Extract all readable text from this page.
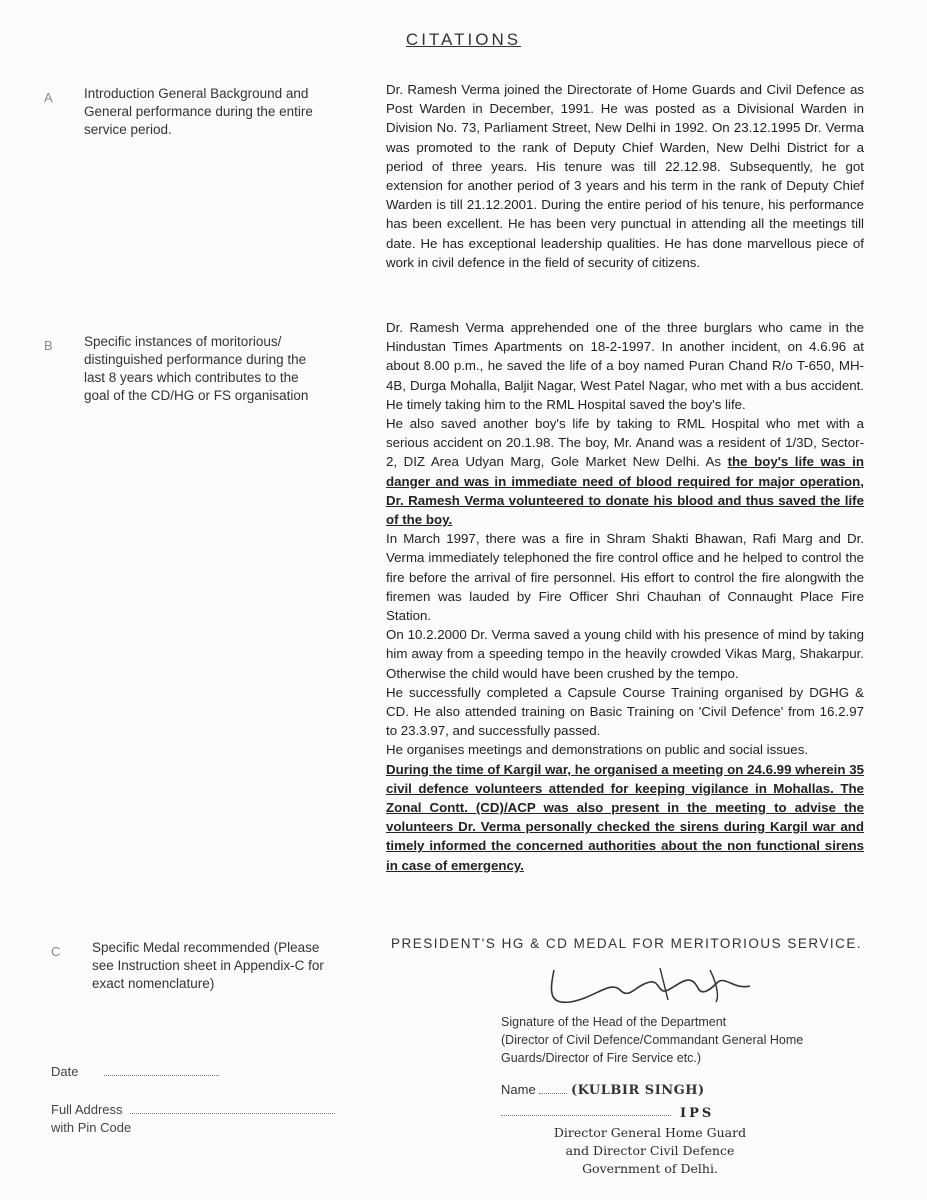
CITATIONS
A Introduction General Background and General performance during the entire service period.

Dr. Ramesh Verma joined the Directorate of Home Guards and Civil Defence as Post Warden in December, 1991. He was posted as a Divisional Warden in Division No. 73, Parliament Street, New Delhi in 1992. On 23.12.1995 Dr. Verma was promoted to the rank of Deputy Chief Warden, New Delhi District for a period of three years. His tenure was till 22.12.98. Subsequently, he got extension for another period of 3 years and his term in the rank of Deputy Chief Warden is till 21.12.2001. During the entire period of his tenure, his performance has been excellent. He has been very punctual in attending all the meetings till date. He has exceptional leadership qualities. He has done marvellous piece of work in civil defence in the field of security of citizens.

B Specific instances of moritorious/ distinguished performance during the last 8 years which contributes to the goal of the CD/HG or FS organisation

Dr. Ramesh Verma apprehended one of the three burglars who came in the Hindustan Times Apartments on 18-2-1997. In another incident, on 4.6.96 at about 8.00 p.m., he saved the life of a boy named Puran Chand R/o T-650, MH-4B, Durga Mohalla, Baljit Nagar, West Patel Nagar, who met with a bus accident. He timely taking him to the RML Hospital saved the boy's life.

He also saved another boy's life by taking to RML Hospital who met with a serious accident on 20.1.98. The boy, Mr. Anand was a resident of 1/3D, Sector-2, DIZ Area Udyan Marg, Gole Market New Delhi. As the boy's life was in danger and was in immediate need of blood required for major operation, Dr. Ramesh Verma volunteered to donate his blood and thus saved the life of the boy.

In March 1997, there was a fire in Shram Shakti Bhawan, Rafi Marg and Dr. Verma immediately telephoned the fire control office and he helped to control the fire before the arrival of fire personnel. His effort to control the fire alongwith the firemen was lauded by Fire Officer Shri Chauhan of Connaught Place Fire Station.

On 10.2.2000 Dr. Verma saved a young child with his presence of mind by taking him away from a speeding tempo in the heavily crowded Vikas Marg, Shakarpur. Otherwise the child would have been crushed by the tempo.

He successfully completed a Capsule Course Training organised by DGHG & CD. He also attended training on Basic Training on 'Civil Defence' from 16.2.97 to 23.3.97, and successfully passed.

He organises meetings and demonstrations on public and social issues.

During the time of Kargil war, he organised a meeting on 24.6.99 wherein 35 civil defence volunteers attended for keeping vigilance in Mohallas. The Zonal Contt. (CD)/ACP was also present in the meeting to advise the volunteers Dr. Verma personally checked the sirens during Kargil war and timely informed the concerned authorities about the non functional sirens in case of emergency.

C Specific Medal recommended (Please see Instruction sheet in Appendix-C for exact nomenclature)
PRESIDENT'S HG & CD MEDAL FOR MERITORIOUS SERVICE.
Signature of the Head of the Department
(Director of Civil Defence/Commandant General Home Guards/Director of Fire Service etc.)
Name	(KULBIR SINGH)
IPS
Director General Home Guard
and Director Civil Defence
Government of Delhi.
Date
Full Address
with Pin Code
